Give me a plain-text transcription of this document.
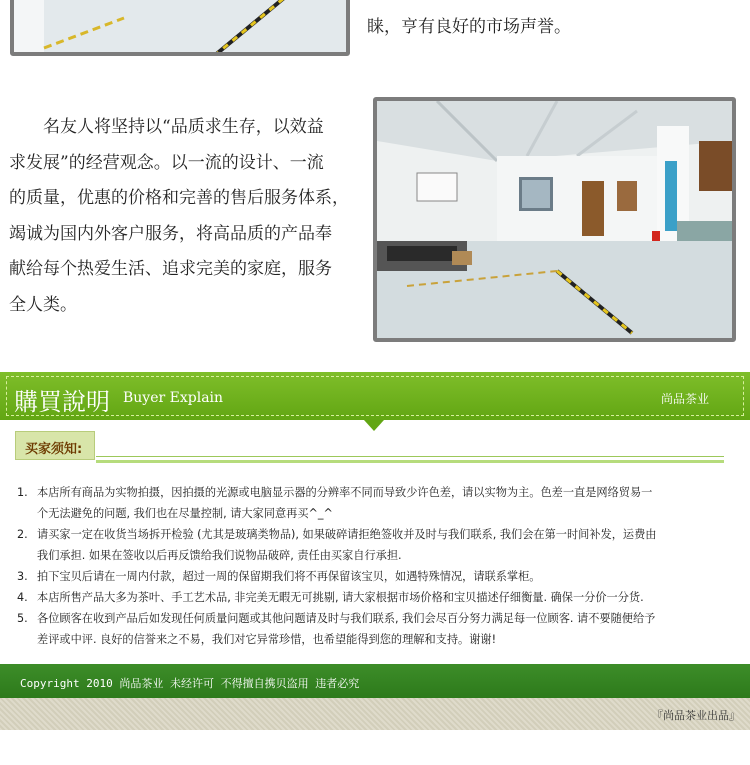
睐，亨有良好的市场声誉。
名友人将坚持以“品质求生存，以效益
求发展”的经营观念。以一流的设计、一流
的质量，优惠的价格和完善的售后服务体系，
竭诚为国内外客户服务，将高品质的产品奉
献给每个热爱生活、追求完美的家庭，服务
全人类。
購買說明 Buyer Explain	尚品茶业
买家须知:
1. 本店所有商品为实物拍摄，因拍摄的光源或电脑显示器的分辨率不同而导致少许色差，请以实物为主。色差一直是网络贸易一
个无法避免的问题, 我们也在尽量控制, 请大家同意再买^_^
2. 请买家一定在收货当场拆开检验 (尤其是玻璃类物品), 如果破碎请拒绝签收并及时与我们联系, 我们会在第一时间补发，运费由
我们承担. 如果在签收以后再反馈给我们说物品破碎, 责任由买家自行承担.
3. 拍下宝贝后请在一周内付款，超过一周的保留期我们将不再保留该宝贝，如遇特殊情况，请联系掌柜。
4. 本店所售产品大多为茶叶、手工艺术品, 非完美无暇无可挑剔, 请大家根据市场价格和宝贝描述仔细衡量. 确保一分价一分货.
5. 各位顾客在收到产品后如发现任何质量问题或其他问题请及时与我们联系, 我们会尽百分努力满足每一位顾客. 请不要随便给予
差评或中评. 良好的信誉来之不易，我们对它异常珍惜，也希望能得到您的理解和支持。谢谢!
Copyright 2010 尚品茶业 未经许可 不得擅自携贝盗用 违者必究
『尚品茶业出品』
